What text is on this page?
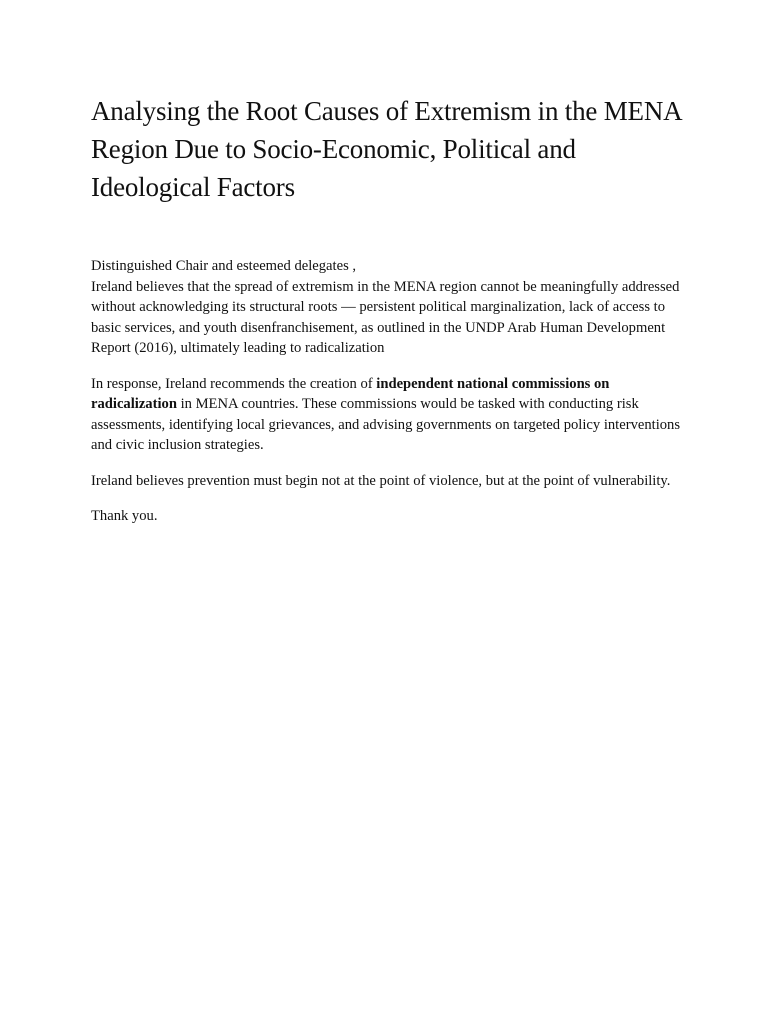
Analysing the Root Causes of Extremism in the MENA Region Due to Socio-Economic, Political and Ideological Factors

Distinguished Chair and esteemed delegates ,
Ireland believes that the spread of extremism in the MENA region cannot be meaningfully addressed without acknowledging its structural roots — persistent political marginalization, lack of access to basic services, and youth disenfranchisement, as outlined in the UNDP Arab Human Development Report (2016), ultimately leading to radicalization

In response, Ireland recommends the creation of independent national commissions on radicalization in MENA countries. These commissions would be tasked with conducting risk assessments, identifying local grievances, and advising governments on targeted policy interventions and civic inclusion strategies.

Ireland believes prevention must begin not at the point of violence, but at the point of vulnerability.

Thank you.
